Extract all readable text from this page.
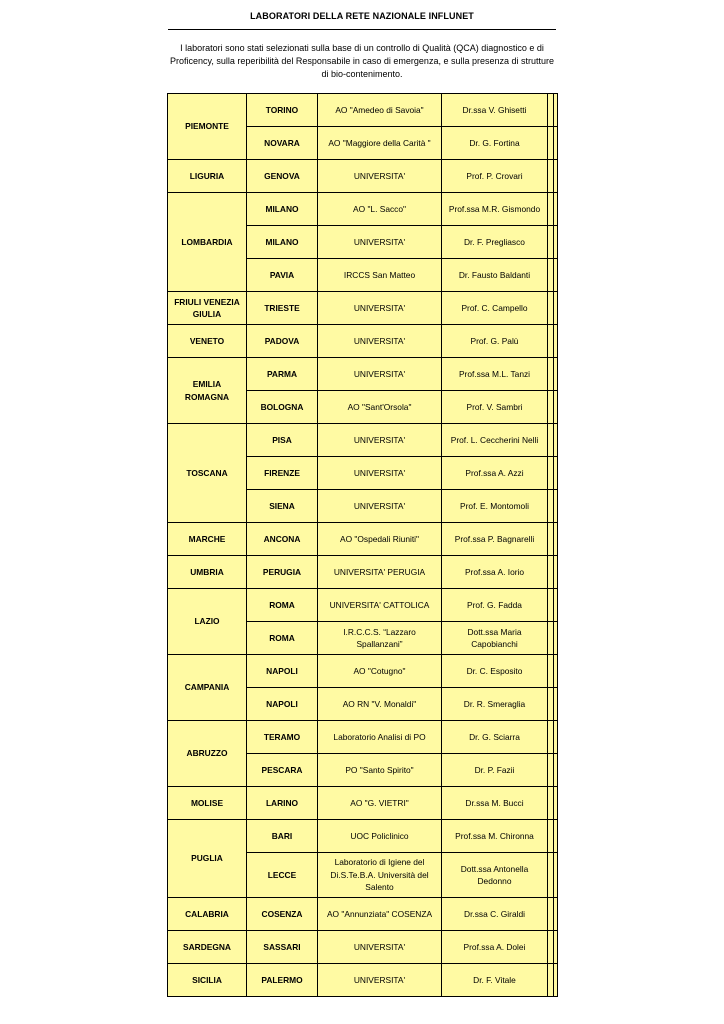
LABORATORI DELLA RETE NAZIONALE INFLUNET
I laboratori sono stati selezionati sulla base di un controllo di Qualità (QCA) diagnostico e di Proficency, sulla reperibilità del Responsabile in caso di emergenza, e sulla presenza di strutture di bio-contenimento.
PIEMONTE	TORINO	AO "Amedeo di Savoia"	Dr.ssa V. Ghisetti	

	NOVARA	AO "Maggiore della Carità "	Dr. G. Fortina	

LIGURIA	GENOVA	UNIVERSITA'	Prof. P. Crovari	

LOMBARDIA	MILANO	AO "L. Sacco"	Prof.ssa M.R. Gismondo	

	MILANO	UNIVERSITA'	Dr. F. Pregliasco	

	PAVIA	IRCCS San Matteo	Dr. Fausto Baldanti	

FRIULI VENEZIA GIULIA	TRIESTE	UNIVERSITA'	Prof. C. Campello	

VENETO	PADOVA	UNIVERSITA'	Prof. G. Palù	

EMILIA ROMAGNA	PARMA	UNIVERSITA'	Prof.ssa M.L. Tanzi	

	BOLOGNA	AO "Sant'Orsola"	Prof. V. Sambri	

TOSCANA	PISA	UNIVERSITA'	Prof. L. Ceccherini Nelli	

	FIRENZE	UNIVERSITA'	Prof.ssa A. Azzi	

	SIENA	UNIVERSITA'	Prof. E. Montomoli	

MARCHE	ANCONA	AO "Ospedali Riuniti"	Prof.ssa P. Bagnarelli	

UMBRIA	PERUGIA	UNIVERSITA' PERUGIA	Prof.ssa A. Iorio	

LAZIO	ROMA	UNIVERSITA' CATTOLICA	Prof. G. Fadda	

	ROMA	I.R.C.C.S. “Lazzaro Spallanzani”	Dott.ssa Maria Capobianchi	

CAMPANIA	NAPOLI	AO "Cotugno"	Dr. C. Esposito	

	NAPOLI	AO RN "V. Monaldi"	Dr. R. Smeraglia	

ABRUZZO	TERAMO	Laboratorio Analisi di PO	Dr. G. Sciarra	

	PESCARA	PO "Santo Spirito"	Dr. P. Fazii	

MOLISE	LARINO	AO "G. VIETRI"	Dr.ssa M. Bucci	

PUGLIA	BARI	UOC Policlinico	Prof.ssa M. Chironna	

	LECCE	Laboratorio di Igiene del Di.S.Te.B.A. Università del Salento	Dott.ssa Antonella Dedonno	

CALABRIA	COSENZA	AO "Annunziata" COSENZA	Dr.ssa C. Giraldi	

SARDEGNA	SASSARI	UNIVERSITA'	Prof.ssa A. Dolei	

SICILIA	PALERMO	UNIVERSITA'	Dr. F. Vitale	
